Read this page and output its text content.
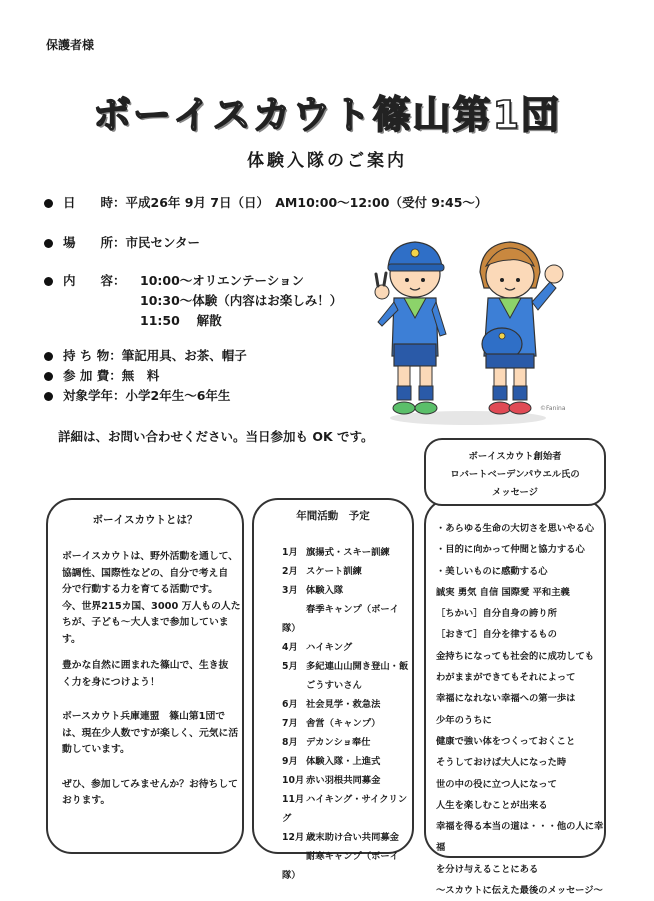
保護者様
ボーイスカウト篠山第1団
体験入隊のご案内
日　　時：平成26年 9月 7日（日）　AM10:00～12:00（受付 9:45～）
場　　所：市民センター
内　　容： 10:00～オリエンテーション
10:30～体験（内容はお楽しみ！）
11:50　 解散
持 ち 物：筆記用具、お茶、帽子
参 加 費：無　料
対象学年：小学2年生～6年生
詳細は、お問い合わせください。当日参加も OK です。
©Fanina
ボーイスカウトとは？
ボーイスカウトは、野外活動を通して、
協調性、国際性などの、自分で考え自
分で行動する力を育てる活動です。
今、世界215カ国、3000 万人もの人た
ちが、子ども～大人まで参加していま
す。
豊かな自然に囲まれた篠山で、生き抜
く力を身につけよう！
ボースカウト兵庫連盟　篠山第1団で
は、現在少人数ですが楽しく、元気に活
動しています。
ぜひ、参加してみませんか？お待ちして
おります。
年間活動　予定
1月 旗揚式・スキー訓練
2月 スケート訓練
3月 体験入隊
春季キャンプ（ボーイ隊）
4月 ハイキング
5月 多紀連山山開き登山・飯
ごうすいさん
6月 社会見学・救急法
7月 舎営（キャンプ）
8月 デカンショ奉仕
9月 体験入隊・上進式
10月 赤い羽根共同募金
11月 ハイキング・サイクリング
12月 歳末助け合い共同募金
耐寒キャンプ（ボーイ隊）
・あらゆる生命の大切さを思いやる心
・目的に向かって仲間と協力する心
・美しいものに感動する心
誠実 勇気 自信 国際愛 平和主義
［ちかい］自分自身の誇り所
［おきて］自分を律するもの
金持ちになっても社会的に成功しても
わがままができてもそれによって
幸福になれない幸福への第一歩は
少年のうちに
健康で強い体をつくっておくこと
そうしておけば大人になった時
世の中の役に立つ人になって
人生を楽しむことが出来る
幸福を得る本当の道は・・・他の人に幸福
を分け与えることにある
～スカウトに伝えた最後のメッセージ～
ボーイスカウト創始者
ロバートベーデンパウエル氏の
メッセージ
